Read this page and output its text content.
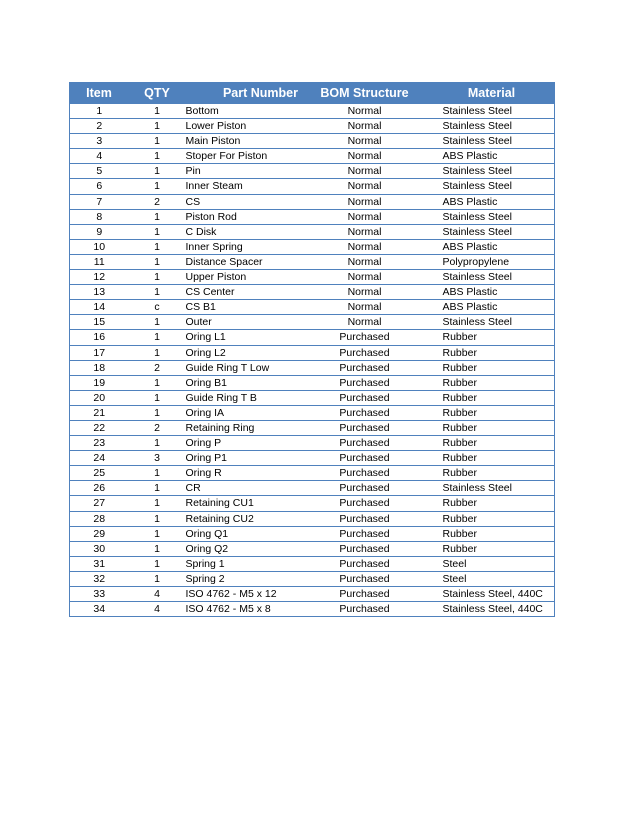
Item	QTY	Part Number	BOM Structure	Material
1	1	Bottom	Normal	Stainless Steel
2	1	Lower Piston	Normal	Stainless Steel
3	1	Main Piston	Normal	Stainless Steel
4	1	Stoper For Piston	Normal	ABS Plastic
5	1	Pin	Normal	Stainless Steel
6	1	Inner Steam	Normal	Stainless Steel
7	2	CS	Normal	ABS Plastic
8	1	Piston Rod	Normal	Stainless Steel
9	1	C Disk	Normal	Stainless Steel
10	1	Inner Spring	Normal	ABS Plastic
11	1	Distance Spacer	Normal	Polypropylene
12	1	Upper Piston	Normal	Stainless Steel
13	1	CS Center	Normal	ABS Plastic
14	c	CS B1	Normal	ABS Plastic
15	1	Outer	Normal	Stainless Steel
16	1	Oring L1	Purchased	Rubber
17	1	Oring L2	Purchased	Rubber
18	2	Guide Ring T Low	Purchased	Rubber
19	1	Oring B1	Purchased	Rubber
20	1	Guide Ring T B	Purchased	Rubber
21	1	Oring IA	Purchased	Rubber
22	2	Retaining Ring	Purchased	Rubber
23	1	Oring P	Purchased	Rubber
24	3	Oring P1	Purchased	Rubber
25	1	Oring R	Purchased	Rubber
26	1	CR	Purchased	Stainless Steel
27	1	Retaining CU1	Purchased	Rubber
28	1	Retaining CU2	Purchased	Rubber
29	1	Oring Q1	Purchased	Rubber
30	1	Oring Q2	Purchased	Rubber
31	1	Spring 1	Purchased	Steel
32	1	Spring 2	Purchased	Steel
33	4	ISO 4762 - M5 x 12	Purchased	Stainless Steel, 440C
34	4	ISO 4762 - M5 x 8	Purchased	Stainless Steel, 440C
